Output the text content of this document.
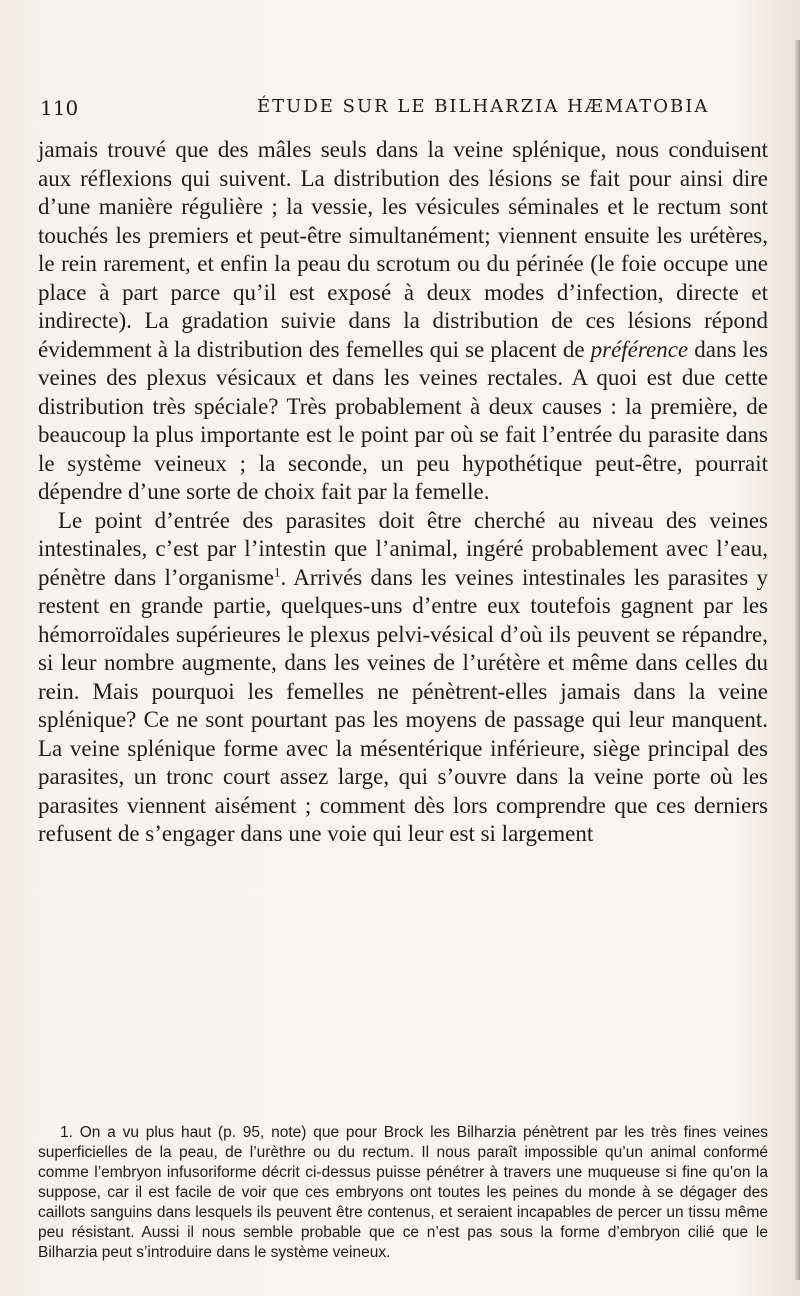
110	ÉTUDE SUR LE BILHARZIA HÆMATOBIA

jamais trouvé que des mâles seuls dans la veine splénique, nous conduisent aux réflexions qui suivent. La distribution des lésions se fait pour ainsi dire d’une manière régulière ; la vessie, les vésicules séminales et le rectum sont touchés les premiers et peut-être simultanément; viennent ensuite les urétères, le rein rarement, et enfin la peau du scrotum ou du périnée (le foie occupe une place à part parce qu’il est exposé à deux modes d’infection, directe et indirecte). La gradation suivie dans la distribution de ces lésions répond évidemment à la distribution des femelles qui se placent de préférence dans les veines des plexus vésicaux et dans les veines rectales. A quoi est due cette distribution très spéciale? Très probablement à deux causes : la première, de beaucoup la plus importante est le point par où se fait l’entrée du parasite dans le système veineux ; la seconde, un peu hypothétique peut-être, pourrait dépendre d’une sorte de choix fait par la femelle.

Le point d’entrée des parasites doit être cherché au niveau des veines intestinales, c’est par l’intestin que l’animal, ingéré probablement avec l’eau, pénètre dans l’organisme$^1$. Arrivés dans les veines intestinales les parasites y restent en grande partie, quelques-uns d’entre eux toutefois gagnent par les hémorroïdales supérieures le plexus pelvi-vésical d’où ils peuvent se répandre, si leur nombre augmente, dans les veines de l’urétère et même dans celles du rein. Mais pourquoi les femelles ne pénètrent-elles jamais dans la veine splénique? Ce ne sont pourtant pas les moyens de passage qui leur manquent. La veine splénique forme avec la mésentérique inférieure, siège principal des parasites, un tronc court assez large, qui s’ouvre dans la veine porte où les parasites viennent aisément ; comment dès lors comprendre que ces derniers refusent de s’engager dans une voie qui leur est si largement

1. On a vu plus haut (p. 95, note) que pour Brock les Bilharzia pénètrent par les très fines veines superficielles de la peau, de l’urèthre ou du rectum. Il nous paraît impossible qu’un animal conformé comme l’embryon infusoriforme décrit ci-dessus puisse pénétrer à travers une muqueuse si fine qu’on la suppose, car il est facile de voir que ces embryons ont toutes les peines du monde à se dégager des caillots sanguins dans lesquels ils peuvent être contenus, et seraient incapables de percer un tissu même peu résistant. Aussi il nous semble probable que ce n’est pas sous la forme d’embryon cilié que le Bilharzia peut s’introduire dans le système veineux.
